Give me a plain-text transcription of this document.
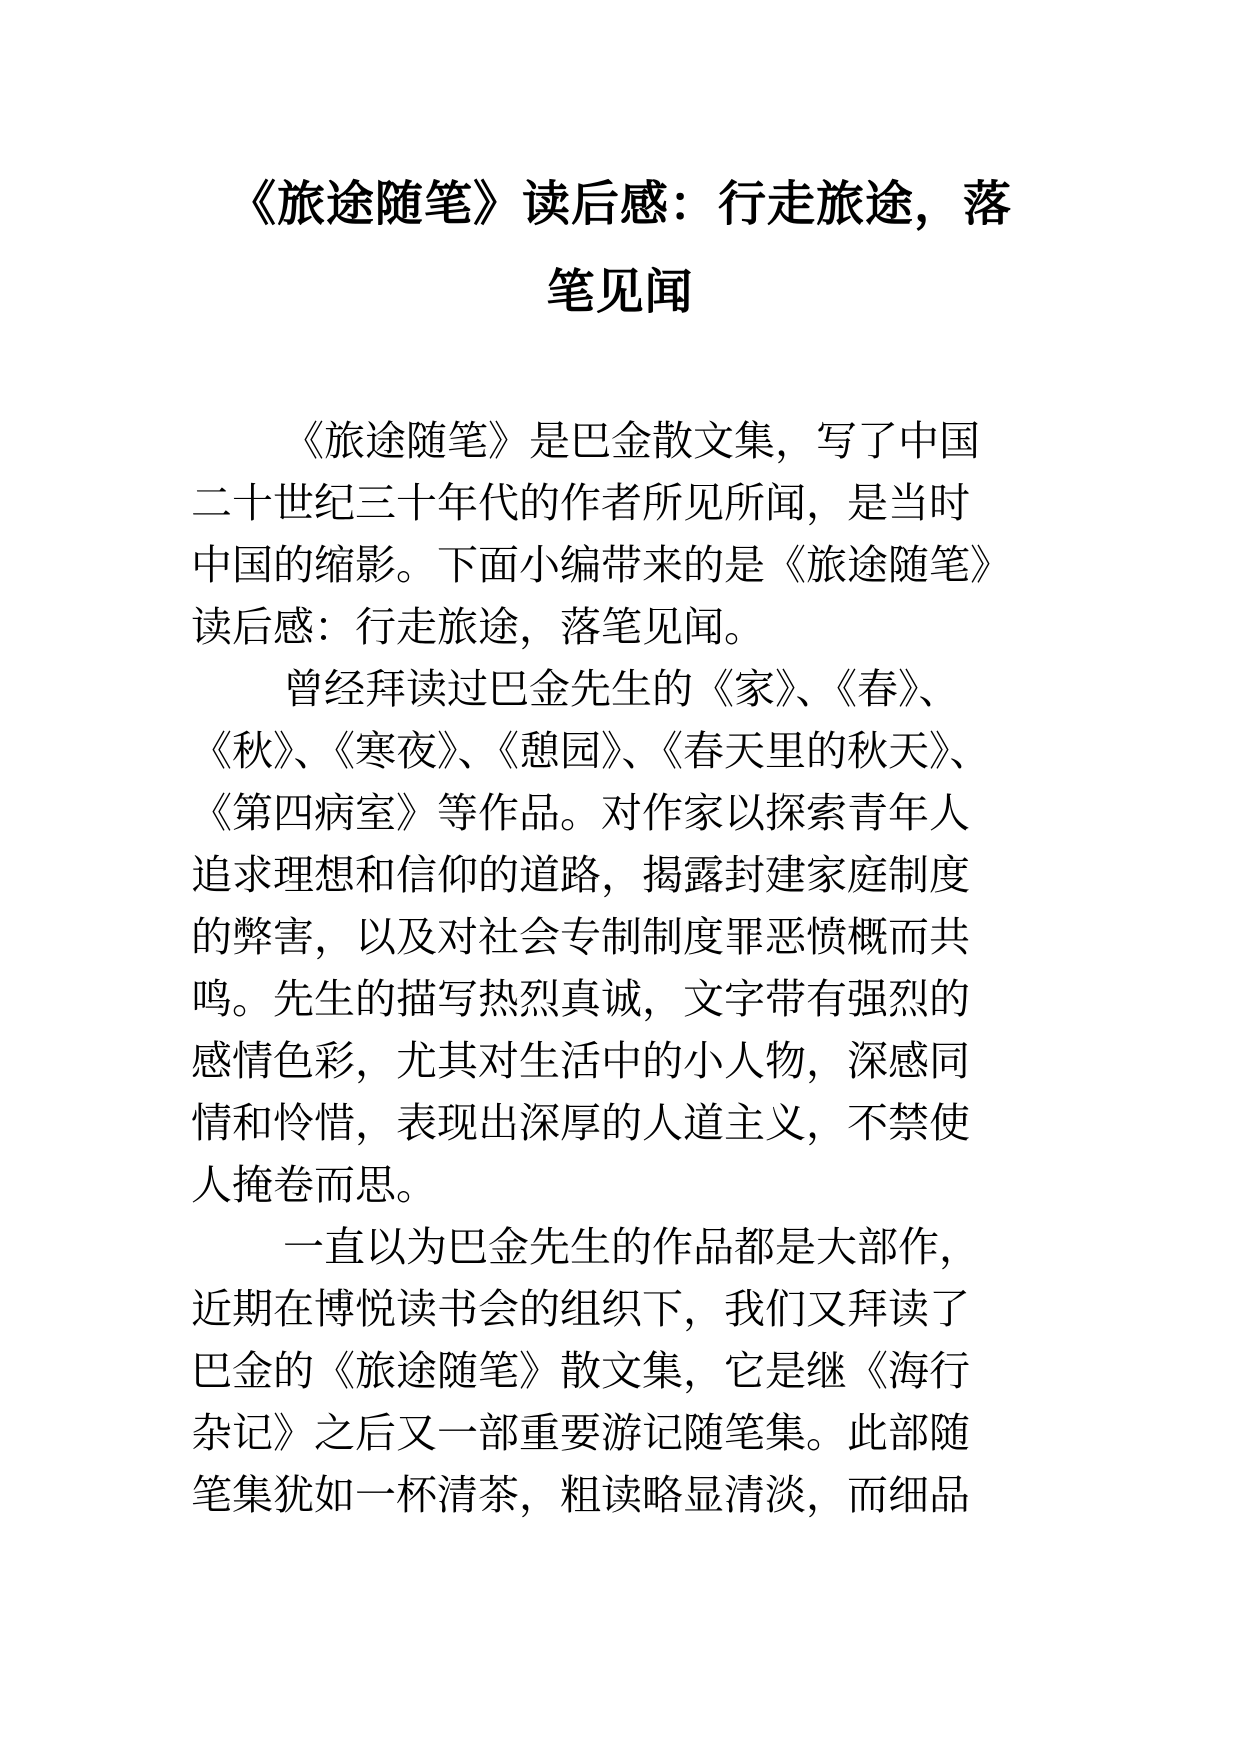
《旅途随笔》读后感：行走旅途，落
笔见闻
《旅途随笔》是巴金散文集，写了中国
二十世纪三十年代的作者所见所闻，是当时
中国的缩影。下面小编带来的是《旅途随笔》
读后感：行走旅途，落笔见闻。
曾经拜读过巴金先生的《家》、《春》、
《秋》、《寒夜》、《憩园》、《春天里的秋天》、
《第四病室》等作品。对作家以探索青年人
追求理想和信仰的道路，揭露封建家庭制度
的弊害，以及对社会专制制度罪恶愤概而共
鸣。先生的描写热烈真诚，文字带有强烈的
感情色彩，尤其对生活中的小人物，深感同
情和怜惜，表现出深厚的人道主义，不禁使
人掩卷而思。
一直以为巴金先生的作品都是大部作，
近期在博悦读书会的组织下，我们又拜读了
巴金的《旅途随笔》散文集，它是继《海行
杂记》之后又一部重要游记随笔集。此部随
笔集犹如一杯清茶，粗读略显清淡，而细品
